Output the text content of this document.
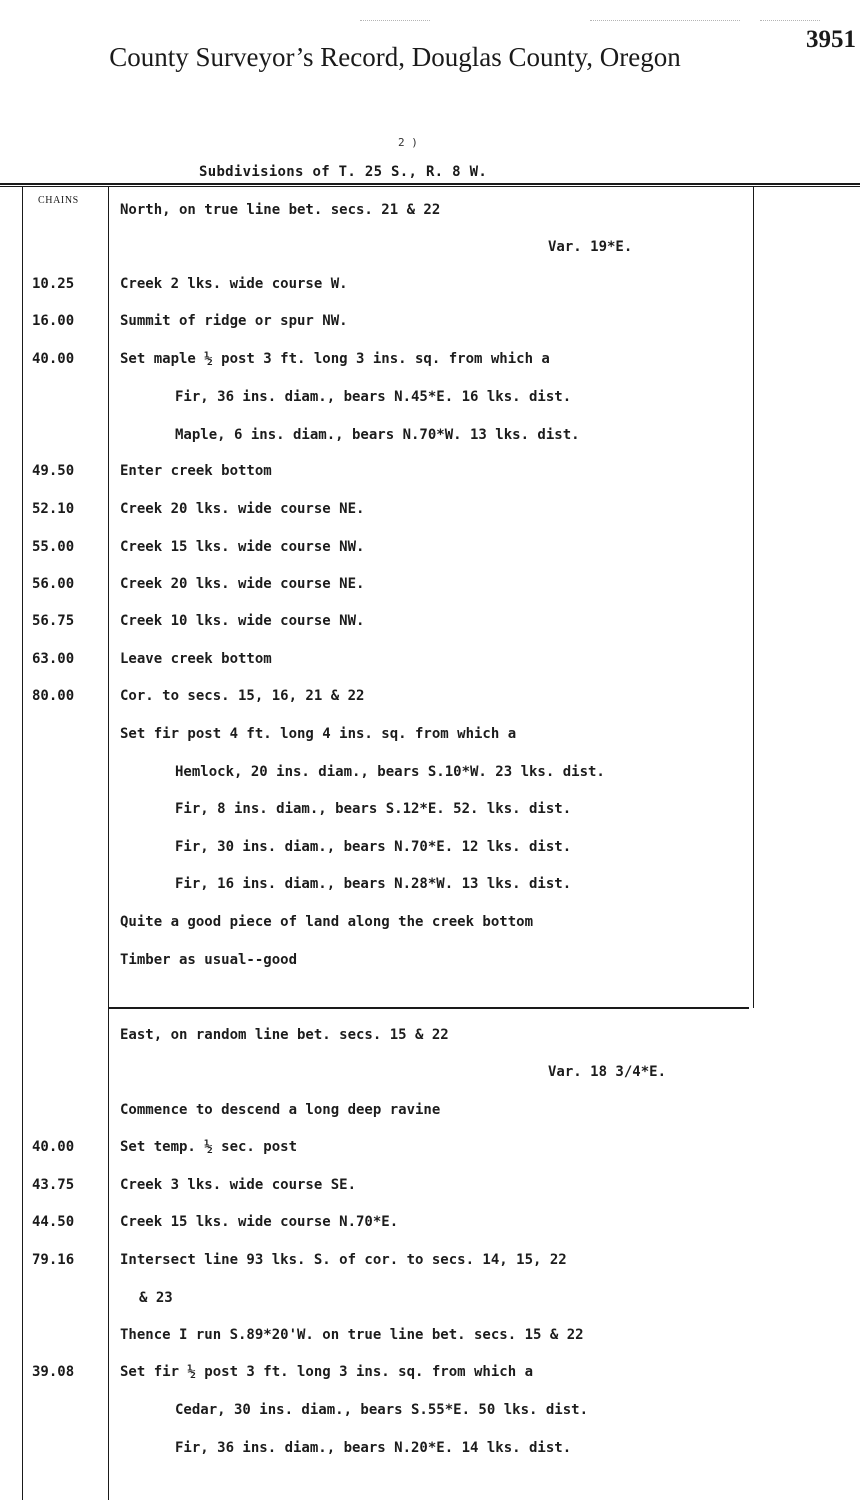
County Surveyor’s Record, Douglas County, Oregon
3951
2 )
Subdivisions of T. 25 S., R. 8 W.
CHAINS
North, on true line bet. secs. 21 & 22
Var. 19*E.
10.25	Creek 2 lks. wide course W.
16.00	Summit of ridge or spur NW.
40.00	Set maple ½ post 3 ft. long 3 ins. sq. from which a
Fir, 36 ins. diam., bears N.45*E. 16 lks. dist.
Maple, 6 ins. diam., bears N.70*W. 13 lks. dist.
49.50	Enter creek bottom
52.10	Creek 20 lks. wide course NE.
55.00	Creek 15 lks. wide course NW.
56.00	Creek 20 lks. wide course NE.
56.75	Creek 10 lks. wide course NW.
63.00	Leave creek bottom
80.00	Cor. to secs. 15, 16, 21 & 22
Set fir post 4 ft. long 4 ins. sq. from which a
Hemlock, 20 ins. diam., bears S.10*W. 23 lks. dist.
Fir, 8 ins. diam., bears S.12*E. 52. lks. dist.
Fir, 30 ins. diam., bears N.70*E. 12 lks. dist.
Fir, 16 ins. diam., bears N.28*W. 13 lks. dist.
Quite a good piece of land along the creek bottom
Timber as usual--good
East, on random line bet. secs. 15 & 22
Var. 18 3/4*E.
Commence to descend a long deep ravine
40.00	Set temp. ½ sec. post
43.75	Creek 3 lks. wide course SE.
44.50	Creek 15 lks. wide course N.70*E.
79.16	Intersect line 93 lks. S. of cor. to secs. 14, 15, 22
& 23
Thence I run S.89*20'W. on true line bet. secs. 15 & 22
39.08	Set fir ½ post 3 ft. long 3 ins. sq. from which a
Cedar, 30 ins. diam., bears S.55*E. 50 lks. dist.
Fir, 36 ins. diam., bears N.20*E. 14 lks. dist.
